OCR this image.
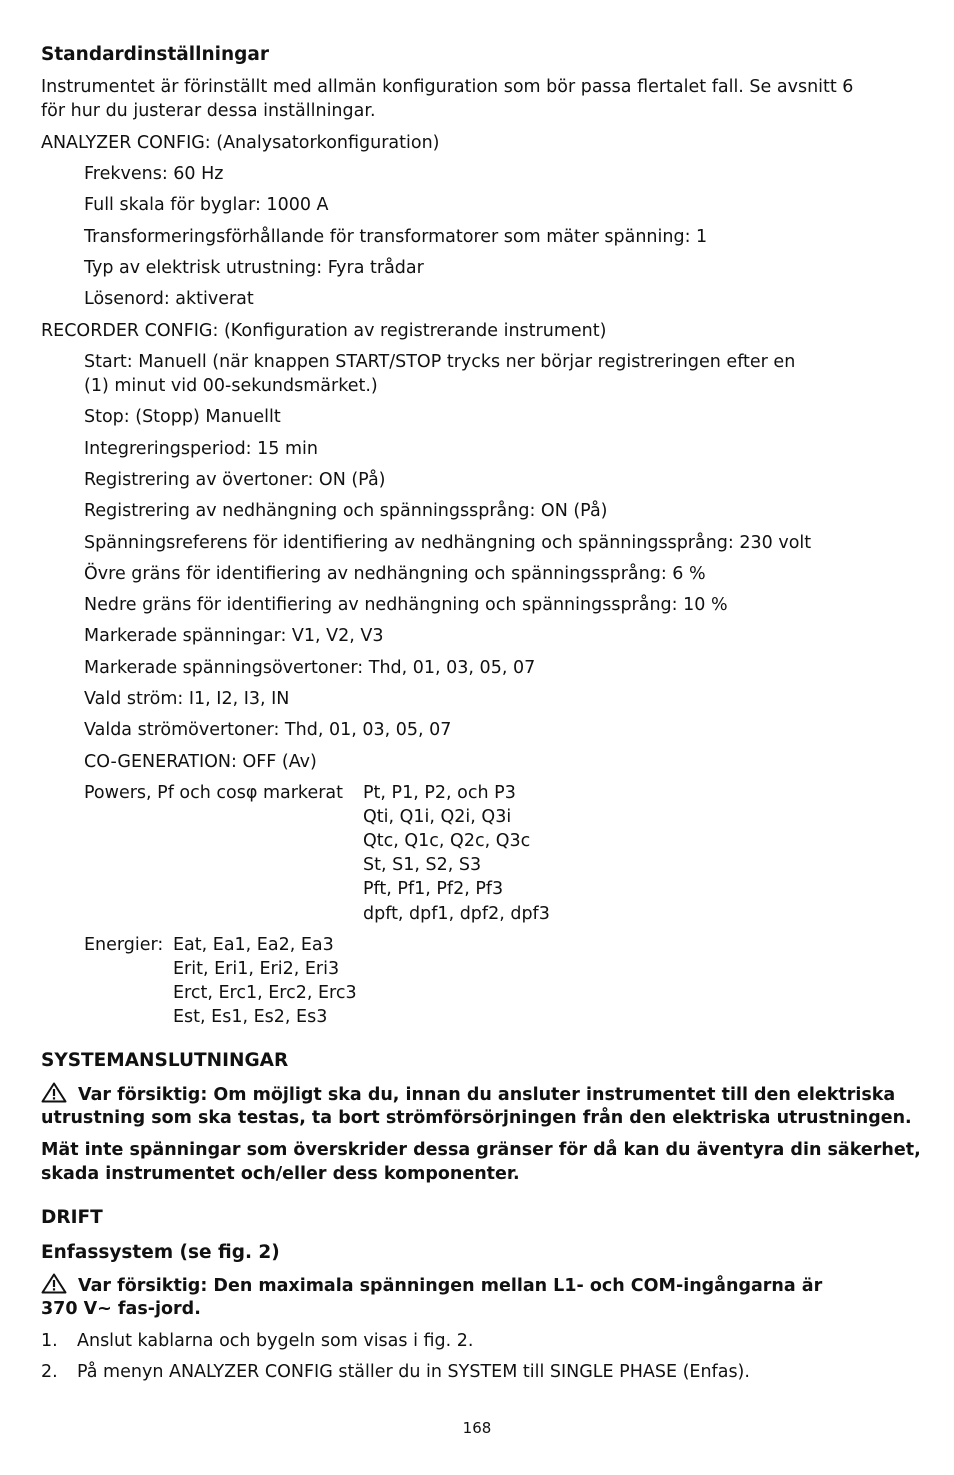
Standardinställningar
Instrumentet är förinställt med allmän konfiguration som bör passa flertalet fall. Se avsnitt 6
för hur du justerar dessa inställningar.
ANALYZER CONFIG: (Analysatorkonfiguration)
Frekvens: 60 Hz
Full skala för byglar: 1000 A
Transformeringsförhållande för transformatorer som mäter spänning: 1
Typ av elektrisk utrustning: Fyra trådar
Lösenord: aktiverat
RECORDER CONFIG: (Konfiguration av registrerande instrument)
Start: Manuell (när knappen START/STOP trycks ner börjar registreringen efter en
(1) minut vid 00-sekundsmärket.)
Stop: (Stopp) Manuellt
Integreringsperiod: 15 min
Registrering av övertoner: ON (På)
Registrering av nedhängning och spänningssprång: ON (På)
Spänningsreferens för identifiering av nedhängning och spänningssprång: 230 volt
Övre gräns för identifiering av nedhängning och spänningssprång: 6 %
Nedre gräns för identifiering av nedhängning och spänningssprång: 10 %
Markerade spänningar: V1, V2, V3
Markerade spänningsövertoner: Thd, 01, 03, 05, 07
Vald ström: I1, I2, I3, IN
Valda strömövertoner: Thd, 01, 03, 05, 07
CO-GENERATION: OFF (Av)
Powers, Pf och cosφ markerat Pt, P1, P2, och P3
Qti, Q1i, Q2i, Q3i
Qtc, Q1c, Q2c, Q3c
St, S1, S2, S3
Pft, Pf1, Pf2, Pf3
dpft, dpf1, dpf2, dpf3
Energier: Eat, Ea1, Ea2, Ea3
Erit, Eri1, Eri2, Eri3
Erct, Erc1, Erc2, Erc3
Est, Es1, Es2, Es3
SYSTEMANSLUTNINGAR
Var försiktig: Om möjligt ska du, innan du ansluter instrumentet till den elektriska
utrustning som ska testas, ta bort strömförsörjningen från den elektriska utrustningen.
Mät inte spänningar som överskrider dessa gränser för då kan du äventyra din säkerhet,
skada instrumentet och/eller dess komponenter.
DRIFT
Enfassystem (se fig. 2)
Var försiktig: Den maximala spänningen mellan L1- och COM-ingångarna är
370 V~ fas-jord.
1. Anslut kablarna och bygeln som visas i fig. 2.
2. På menyn ANALYZER CONFIG ställer du in SYSTEM till SINGLE PHASE (Enfas).
168
